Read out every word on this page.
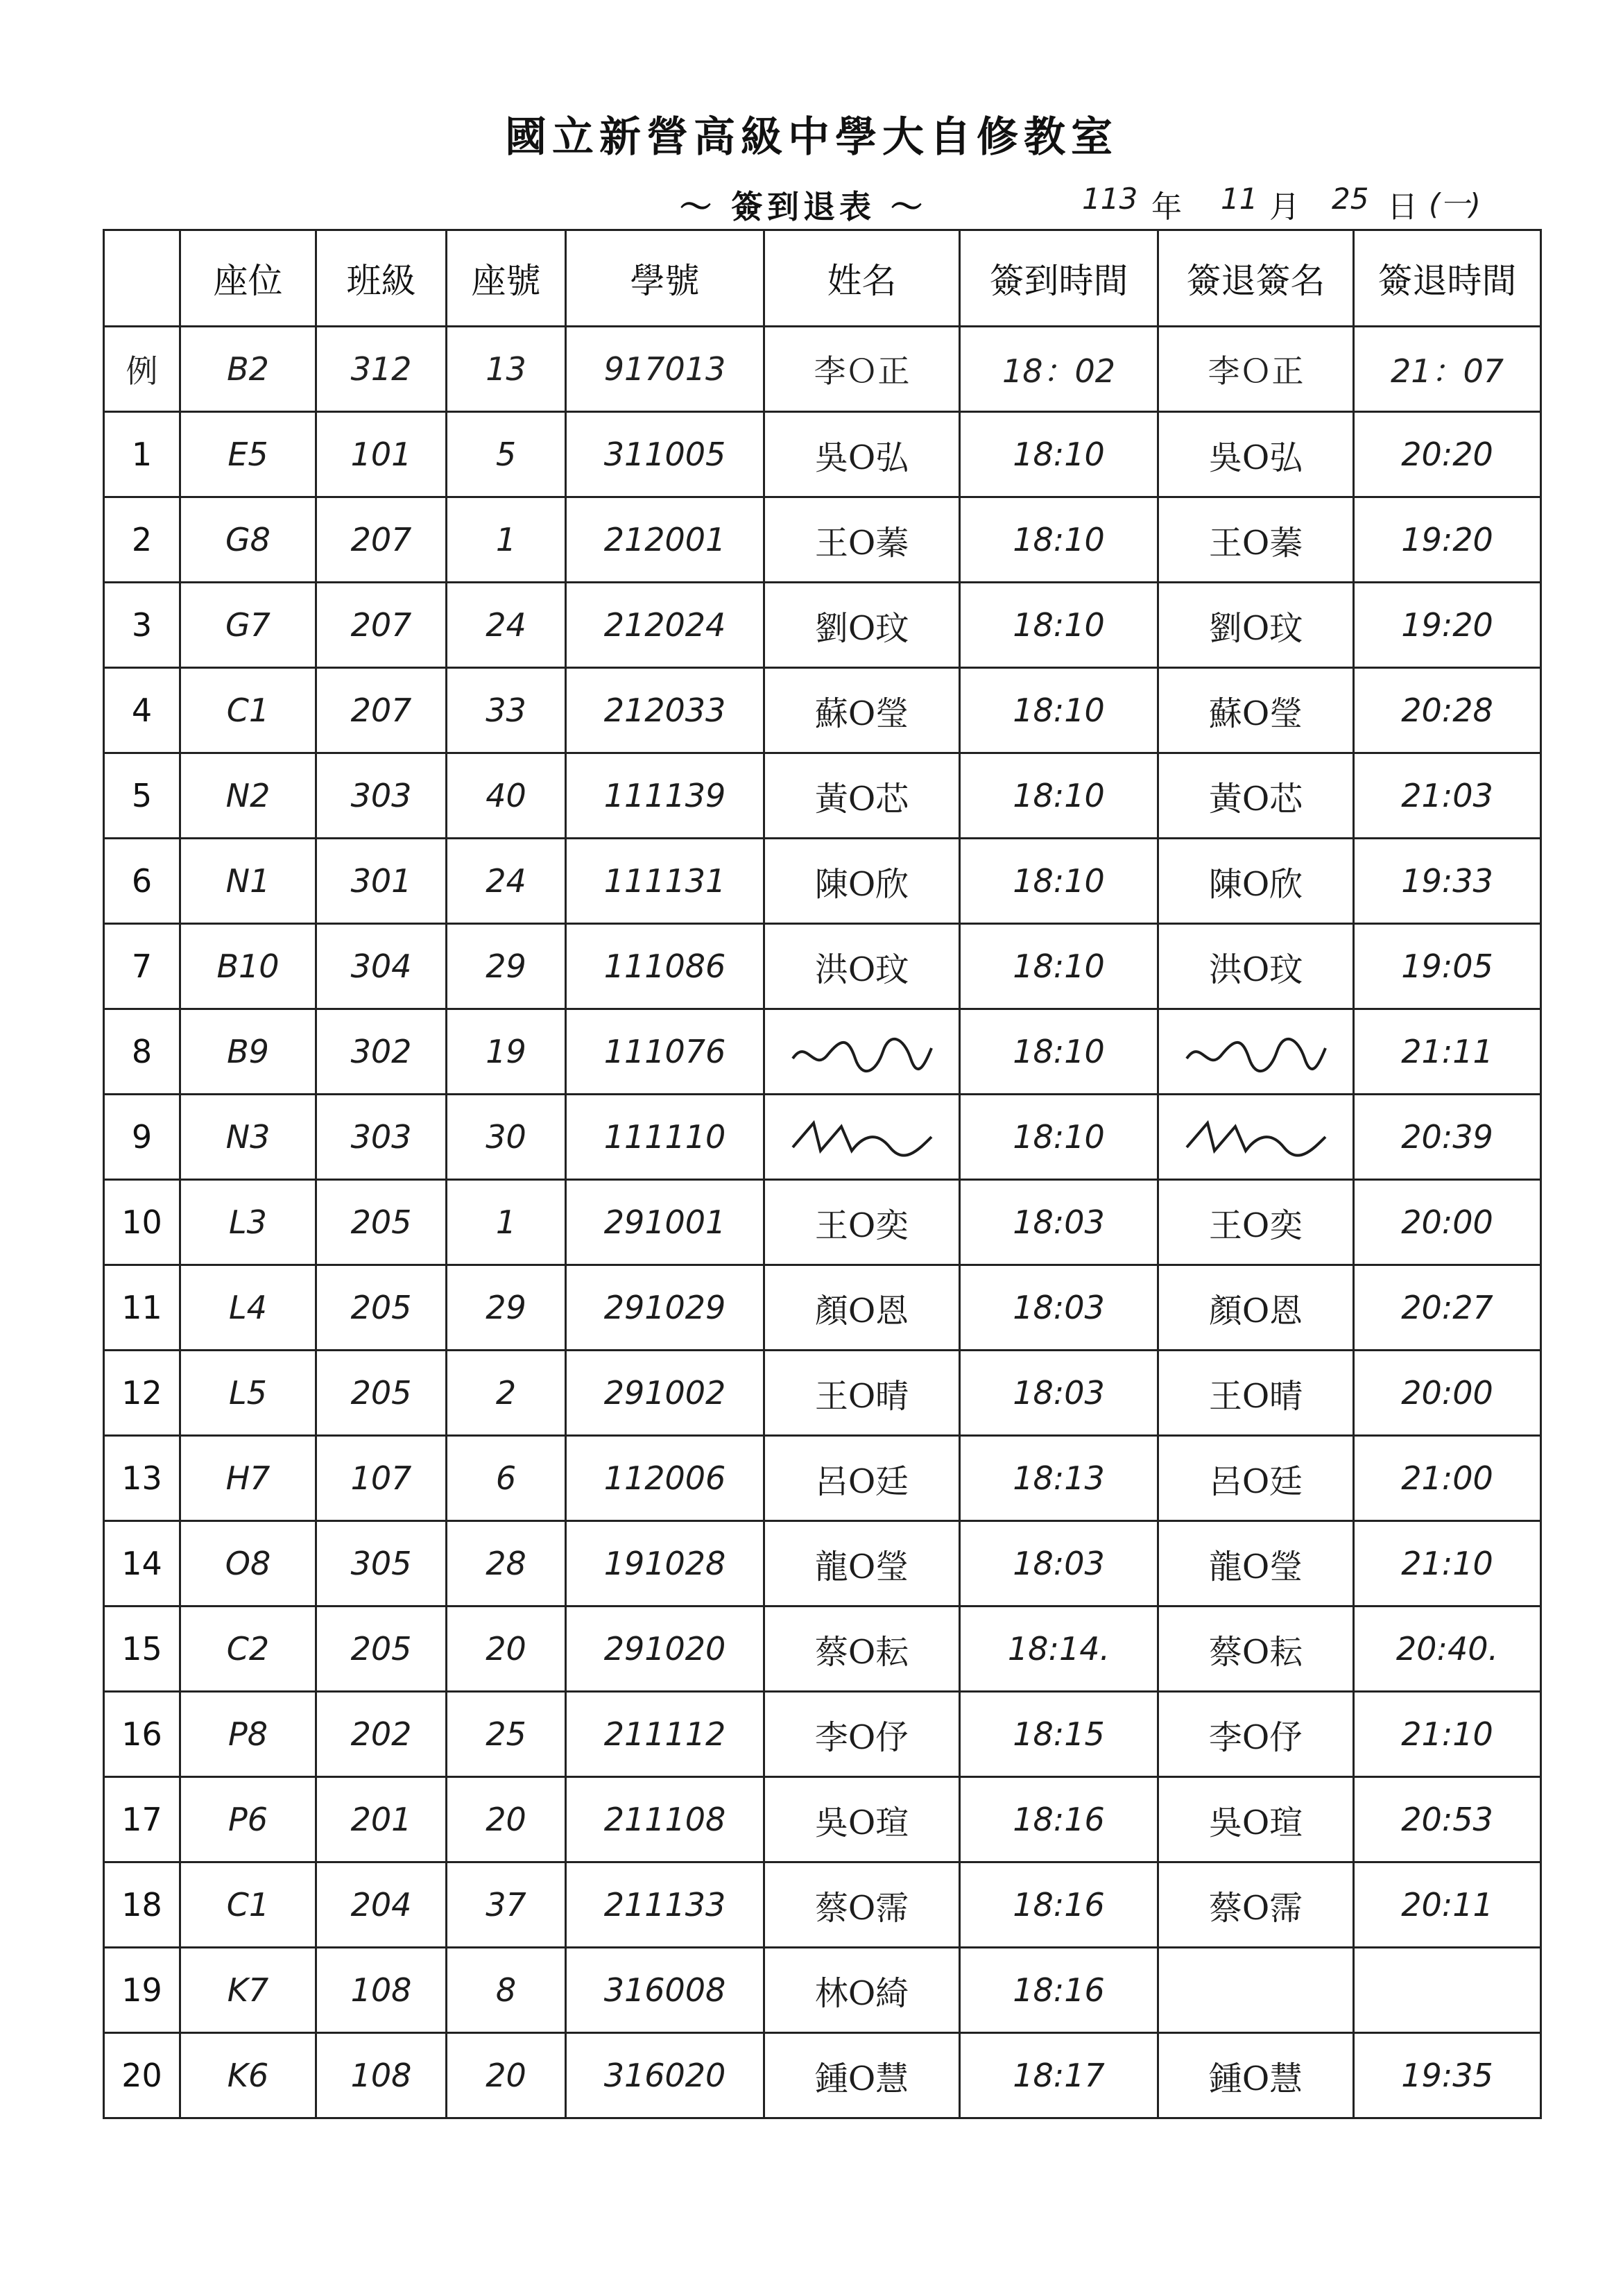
國立新營高級中學大自修教室
～ 簽到退表 ～	113 年 11 月 25 日 (一)
	座位	班級	座號	學號	姓名	簽到時間	簽退簽名	簽退時間
例	B2	312	13	917013	李Ｏ正	18：02	李Ｏ正	21：07
1	E5	101	5	311005	吳O弘	18:10	吳O弘	20:20
2	G8	207	1	212001	王O蓁	18:10	王O蓁	19:20
3	G7	207	24	212024	劉O玟	18:10	劉O玟	19:20
4	C1	207	33	212033	蘇O瑩	18:10	蘇O瑩	20:28
5	N2	303	40	111139	黃O芯	18:10	黃O芯	21:03
6	N1	301	24	111131	陳O欣	18:10	陳O欣	19:33
7	B10	304	29	111086	洪O玟	18:10	洪O玟	19:05
8	B9	302	19	111076		18:10		21:11
9	N3	303	30	111110		18:10		20:39
10	L3	205	1	291001	王O奕	18:03	王O奕	20:00
11	L4	205	29	291029	顏O恩	18:03	顏O恩	20:27
12	L5	205	2	291002	王O晴	18:03	王O晴	20:00
13	H7	107	6	112006	呂O廷	18:13	呂O廷	21:00
14	O8	305	28	191028	龍O瑩	18:03	龍O瑩	21:10
15	C2	205	20	291020	蔡O耘	18:14.	蔡O耘	20:40.
16	P8	202	25	211112	李O伃	18:15	李O伃	21:10
17	P6	201	20	211108	吳O瑄	18:16	吳O瑄	20:53
18	C1	204	37	211133	蔡O霈	18:16	蔡O霈	20:11
19	K7	108	8	316008	林O綺	18:16		
20	K6	108	20	316020	鍾O慧	18:17	鍾O慧	19:35
